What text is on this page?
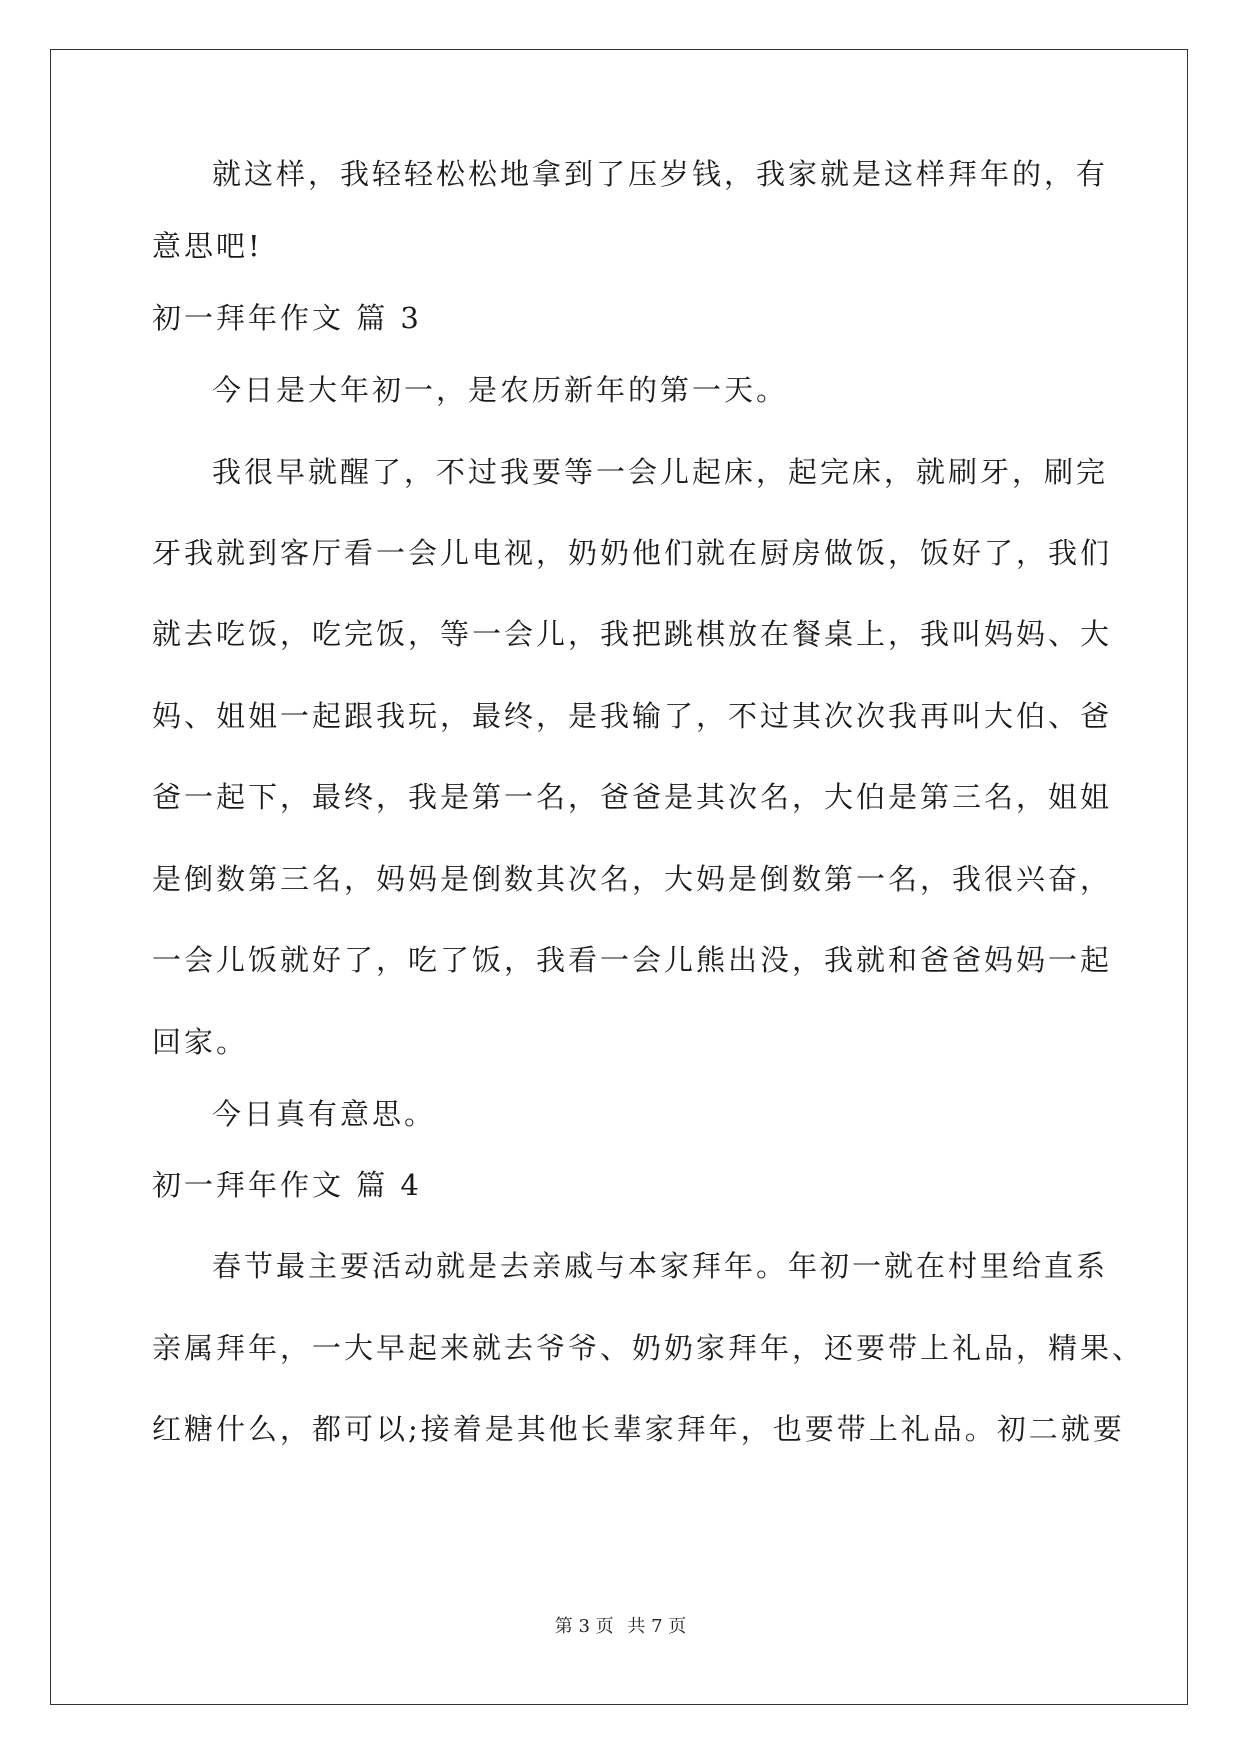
就这样，我轻轻松松地拿到了压岁钱，我家就是这样拜年的，有

意思吧!

初一拜年作文 篇 3

今日是大年初一，是农历新年的第一天。

我很早就醒了，不过我要等一会儿起床，起完床，就刷牙，刷完

牙我就到客厅看一会儿电视，奶奶他们就在厨房做饭，饭好了，我们

就去吃饭，吃完饭，等一会儿，我把跳棋放在餐桌上，我叫妈妈、大

妈、姐姐一起跟我玩，最终，是我输了，不过其次次我再叫大伯、爸

爸一起下，最终，我是第一名，爸爸是其次名，大伯是第三名，姐姐

是倒数第三名，妈妈是倒数其次名，大妈是倒数第一名，我很兴奋，

一会儿饭就好了，吃了饭，我看一会儿熊出没，我就和爸爸妈妈一起

回家。

今日真有意思。

初一拜年作文 篇 4

春节最主要活动就是去亲戚与本家拜年。年初一就在村里给直系

亲属拜年，一大早起来就去爷爷、奶奶家拜年，还要带上礼品，精果、

红糖什么，都可以;接着是其他长辈家拜年，也要带上礼品。初二就要

第 3 页 共 7 页
